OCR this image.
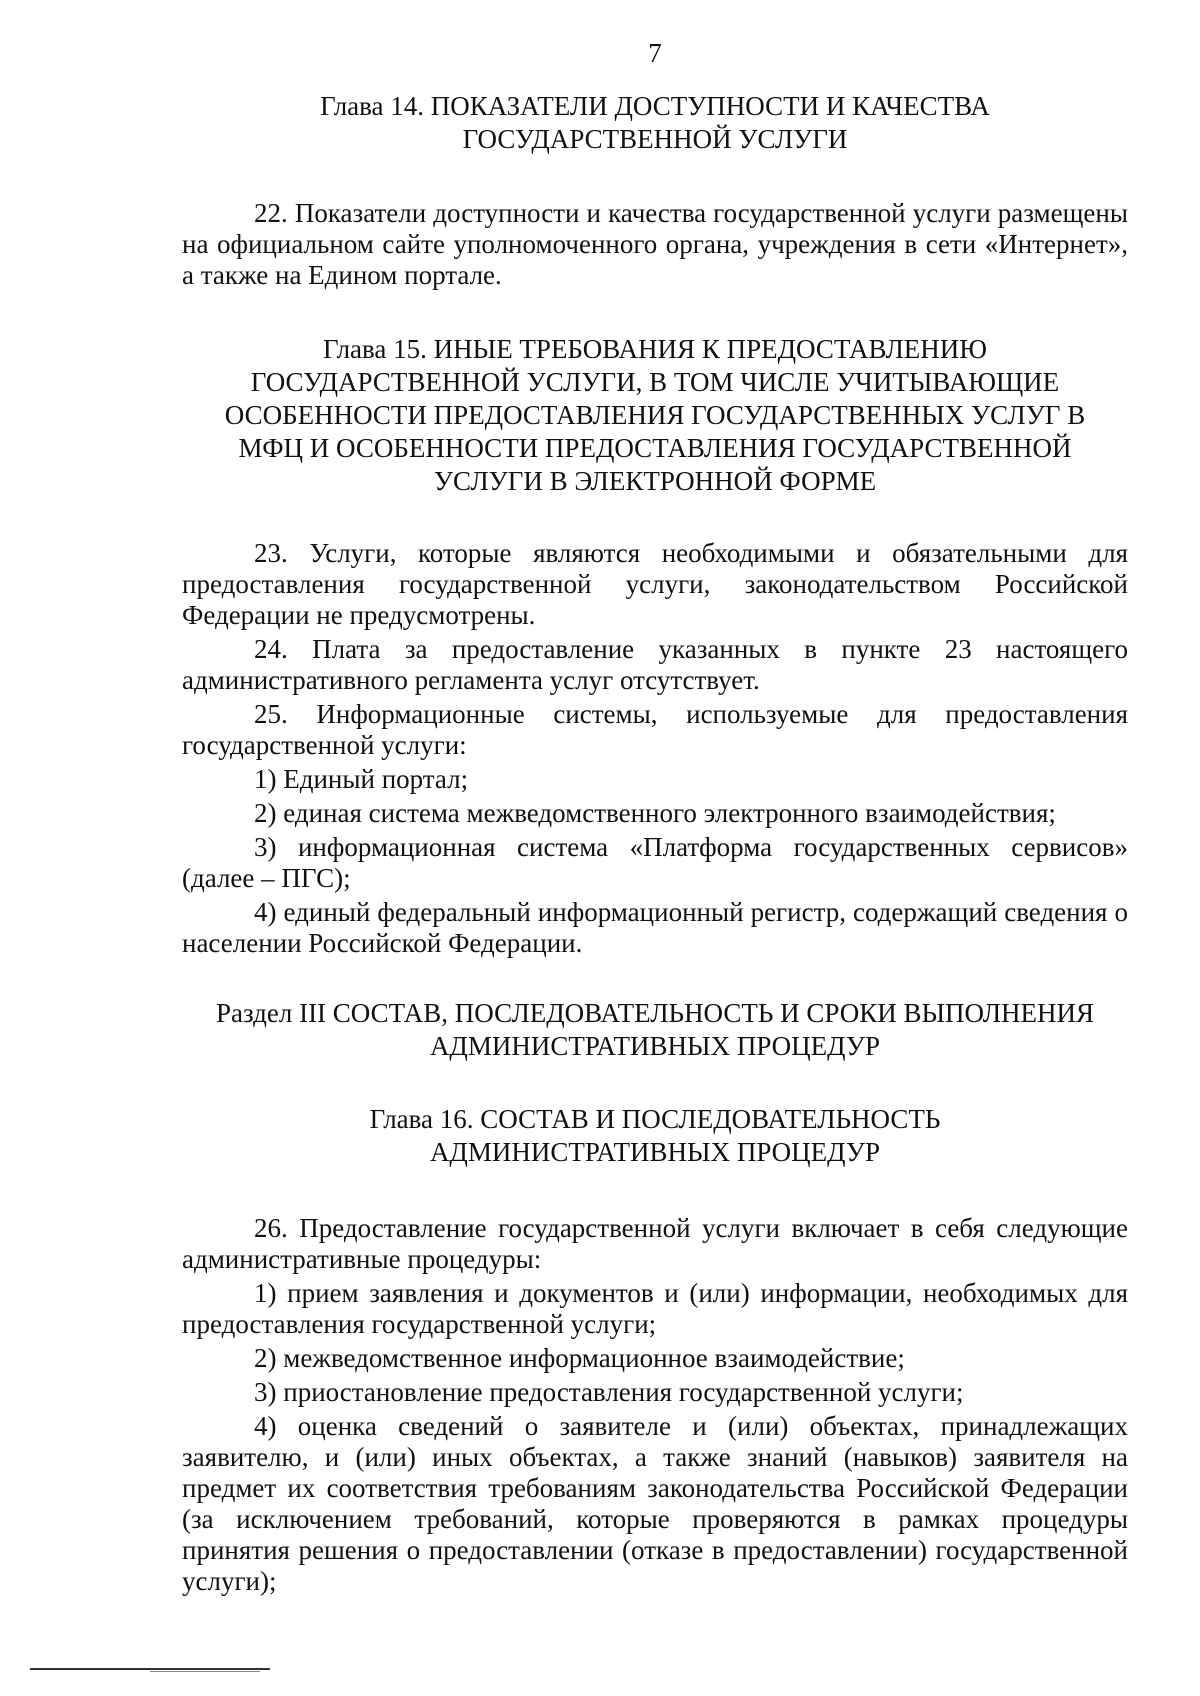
7
Глава 14. ПОКАЗАТЕЛИ ДОСТУПНОСТИ И КАЧЕСТВА
ГОСУДАРСТВЕННОЙ УСЛУГИ

22. Показатели доступности и качества государственной услуги размещены на официальном сайте уполномоченного органа, учреждения в сети «Интернет», а также на Едином портале.

Глава 15. ИНЫЕ ТРЕБОВАНИЯ К ПРЕДОСТАВЛЕНИЮ
ГОСУДАРСТВЕННОЙ УСЛУГИ, В ТОМ ЧИСЛЕ УЧИТЫВАЮЩИЕ
ОСОБЕННОСТИ ПРЕДОСТАВЛЕНИЯ ГОСУДАРСТВЕННЫХ УСЛУГ В
МФЦ И ОСОБЕННОСТИ ПРЕДОСТАВЛЕНИЯ ГОСУДАРСТВЕННОЙ
УСЛУГИ В ЭЛЕКТРОННОЙ ФОРМЕ

23. Услуги, которые являются необходимыми и обязательными для предоставления государственной услуги, законодательством Российской Федерации не предусмотрены.

24. Плата за предоставление указанных в пункте 23 настоящего административного регламента услуг отсутствует.

25. Информационные системы, используемые для предоставления государственной услуги:

1) Единый портал;

2) единая система межведомственного электронного взаимодействия;

3) информационная система «Платформа государственных сервисов» (далее – ПГС);

4) единый федеральный информационный регистр, содержащий сведения о населении Российской Федерации.

Раздел III СОСТАВ, ПОСЛЕДОВАТЕЛЬНОСТЬ И СРОКИ ВЫПОЛНЕНИЯ
АДМИНИСТРАТИВНЫХ ПРОЦЕДУР
Глава 16. СОСТАВ И ПОСЛЕДОВАТЕЛЬНОСТЬ
АДМИНИСТРАТИВНЫХ ПРОЦЕДУР

26. Предоставление государственной услуги включает в себя следующие административные процедуры:

1) прием заявления и документов и (или) информации, необходимых для предоставления государственной услуги;

2) межведомственное информационное взаимодействие;

3) приостановление предоставления государственной услуги;

4) оценка сведений о заявителе и (или) объектах, принадлежащих заявителю, и (или) иных объектах, а также знаний (навыков) заявителя на предмет их соответствия требованиям законодательства Российской Федерации (за исключением требований, которые проверяются в рамках процедуры принятия решения о предоставлении (отказе в предоставлении) государственной услуги);
